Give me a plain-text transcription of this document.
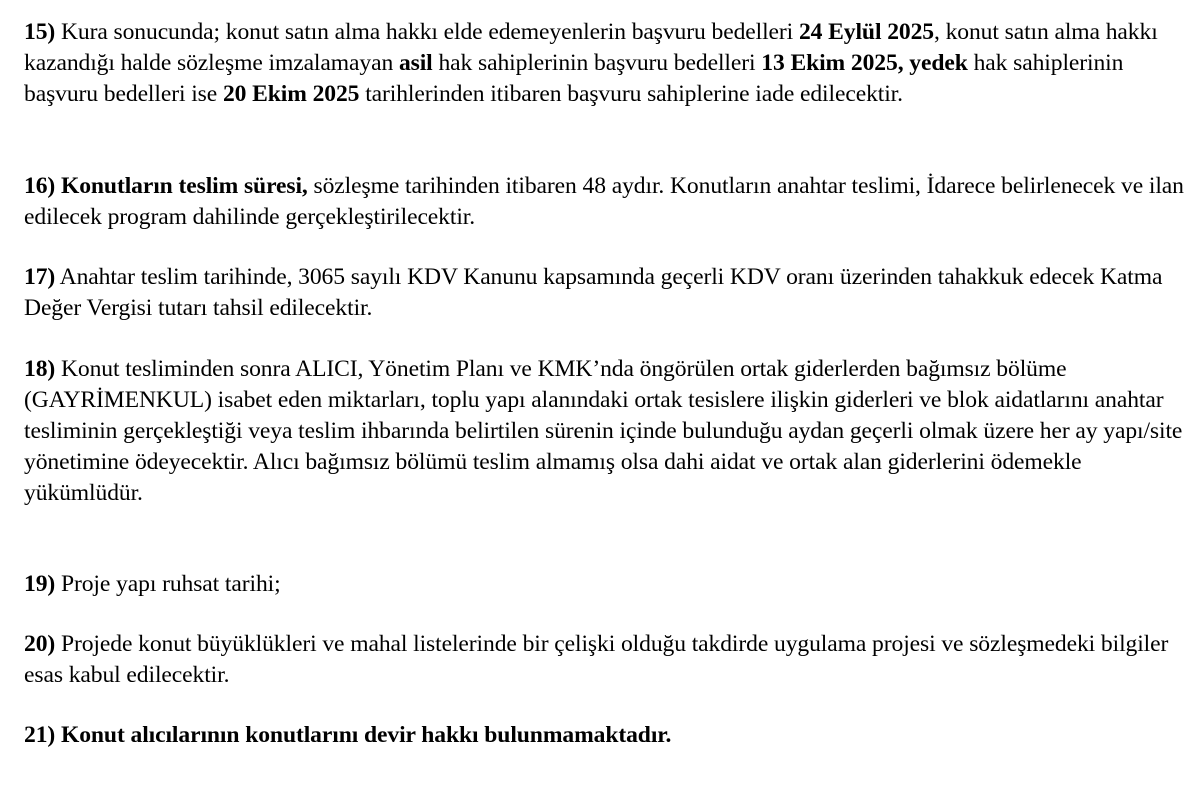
15) Kura sonucunda; konut satın alma hakkı elde edemeyenlerin başvuru bedelleri 24 Eylül 2025, konut satın alma hakkı kazandığı halde sözleşme imzalamayan asil hak sahiplerinin başvuru bedelleri 13 Ekim 2025, yedek hak sahiplerinin başvuru bedelleri ise 20 Ekim 2025 tarihlerinden itibaren başvuru sahiplerine iade edilecektir.

16) Konutların teslim süresi, sözleşme tarihinden itibaren 48 aydır. Konutların anahtar teslimi, İdarece belirlenecek ve ilan edilecek program dahilinde gerçekleştirilecektir.

17) Anahtar teslim tarihinde, 3065 sayılı KDV Kanunu kapsamında geçerli KDV oranı üzerinden tahakkuk edecek Katma Değer Vergisi tutarı tahsil edilecektir.

18) Konut tesliminden sonra ALICI, Yönetim Planı ve KMK’nda öngörülen ortak giderlerden bağımsız bölüme (GAYRİMENKUL) isabet eden miktarları, toplu yapı alanındaki ortak tesislere ilişkin giderleri ve blok aidatlarını anahtar tesliminin gerçekleştiği veya teslim ihbarında belirtilen sürenin içinde bulunduğu aydan geçerli olmak üzere her ay yapı/site yönetimine ödeyecektir. Alıcı bağımsız bölümü teslim almamış olsa dahi aidat ve ortak alan giderlerini ödemekle yükümlüdür.

19) Proje yapı ruhsat tarihi;

20) Projede konut büyüklükleri ve mahal listelerinde bir çelişki olduğu takdirde uygulama projesi ve sözleşmedeki bilgiler esas kabul edilecektir.

21) Konut alıcılarının konutlarını devir hakkı bulunmamaktadır.
